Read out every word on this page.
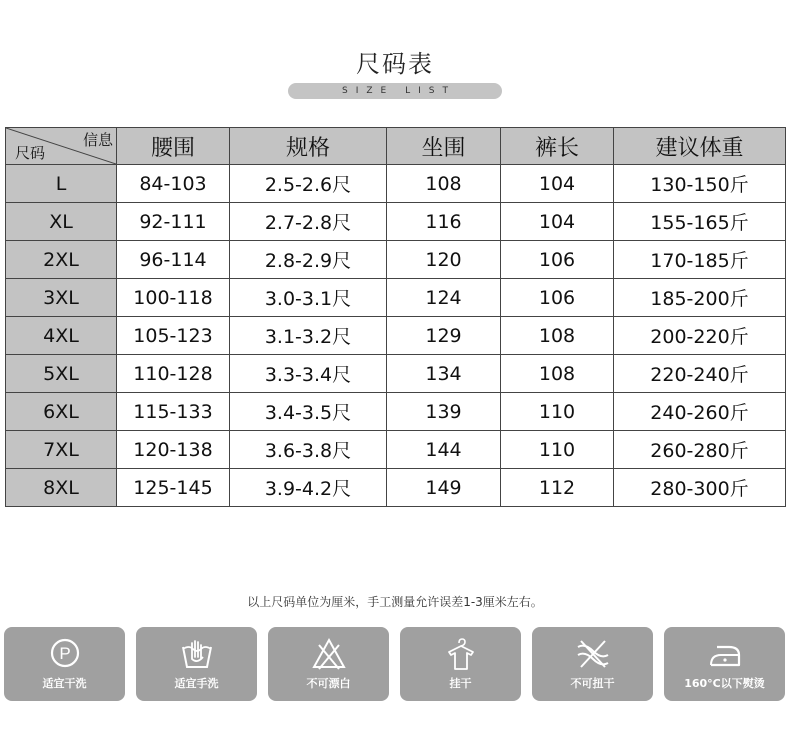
尺码表
SIZE LIST
信息
尺码	腰围	规格	坐围	裤长	建议体重
L	84-103	2.5-2.6尺	108	104	130-150斤
XL	92-111	2.7-2.8尺	116	104	155-165斤
2XL	96-114	2.8-2.9尺	120	106	170-185斤
3XL	100-118	3.0-3.1尺	124	106	185-200斤
4XL	105-123	3.1-3.2尺	129	108	200-220斤
5XL	110-128	3.3-3.4尺	134	108	220-240斤
6XL	115-133	3.4-3.5尺	139	110	240-260斤
7XL	120-138	3.6-3.8尺	144	110	260-280斤
8XL	125-145	3.9-4.2尺	149	112	280-300斤
以上尺码单位为厘米，手工测量允许误差1-3厘米左右。
P
适宜干洗	适宜手洗	不可漂白	挂干	不可扭干	160°C以下熨烫
